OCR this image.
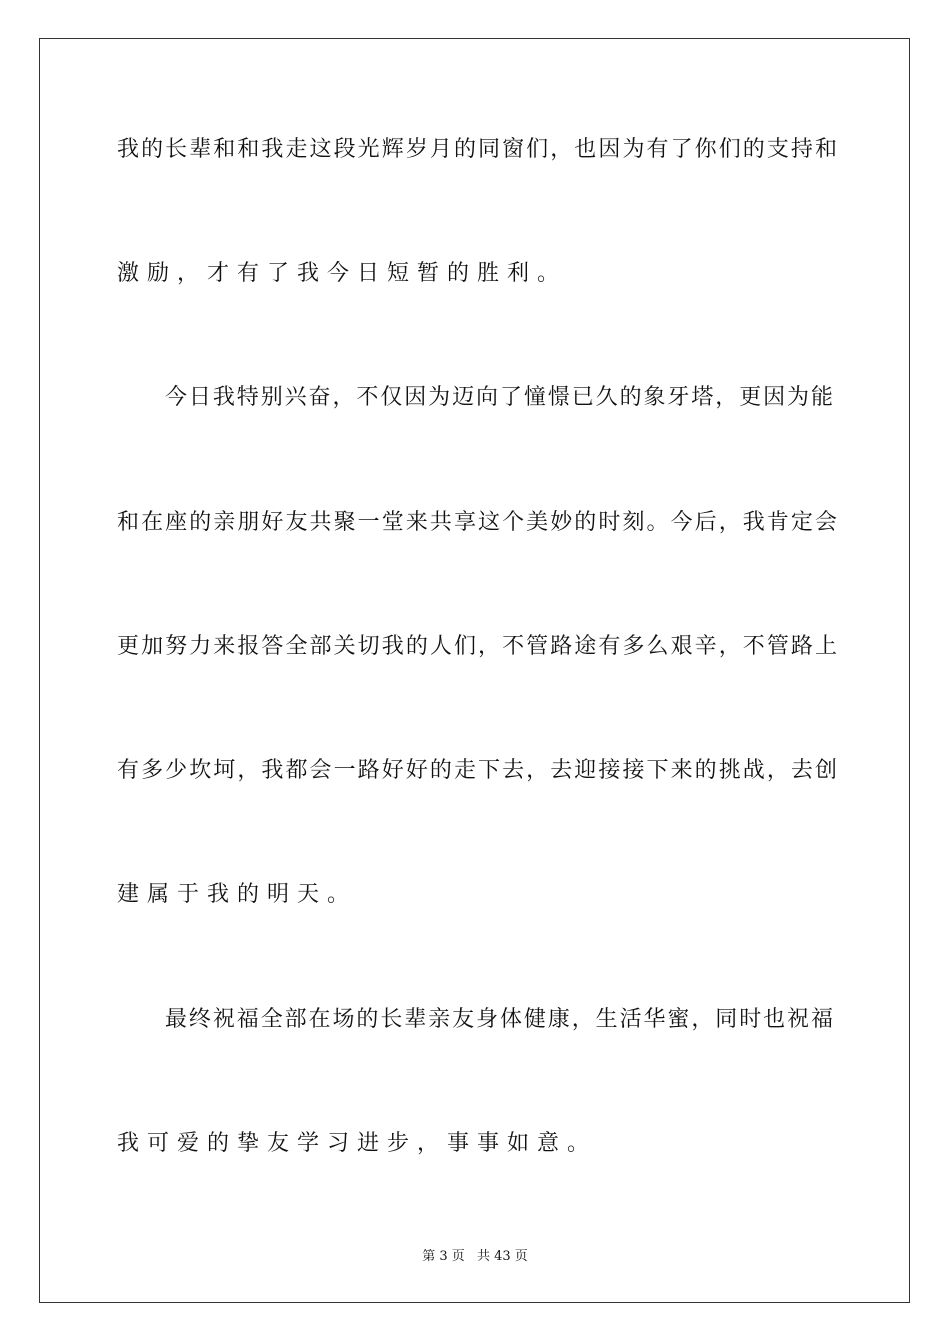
我的长辈和和我走这段光辉岁月的同窗们，也因为有了你们的支持和
激励，才有了我今日短暂的胜利。
今日我特别兴奋，不仅因为迈向了憧憬已久的象牙塔，更因为能
和在座的亲朋好友共聚一堂来共享这个美妙的时刻。今后，我肯定会
更加努力来报答全部关切我的人们，不管路途有多么艰辛，不管路上
有多少坎坷，我都会一路好好的走下去，去迎接接下来的挑战，去创
建属于我的明天。
最终祝福全部在场的长辈亲友身体健康，生活华蜜，同时也祝福
我可爱的挚友学习进步，事事如意。
第 3 页 共 43 页
